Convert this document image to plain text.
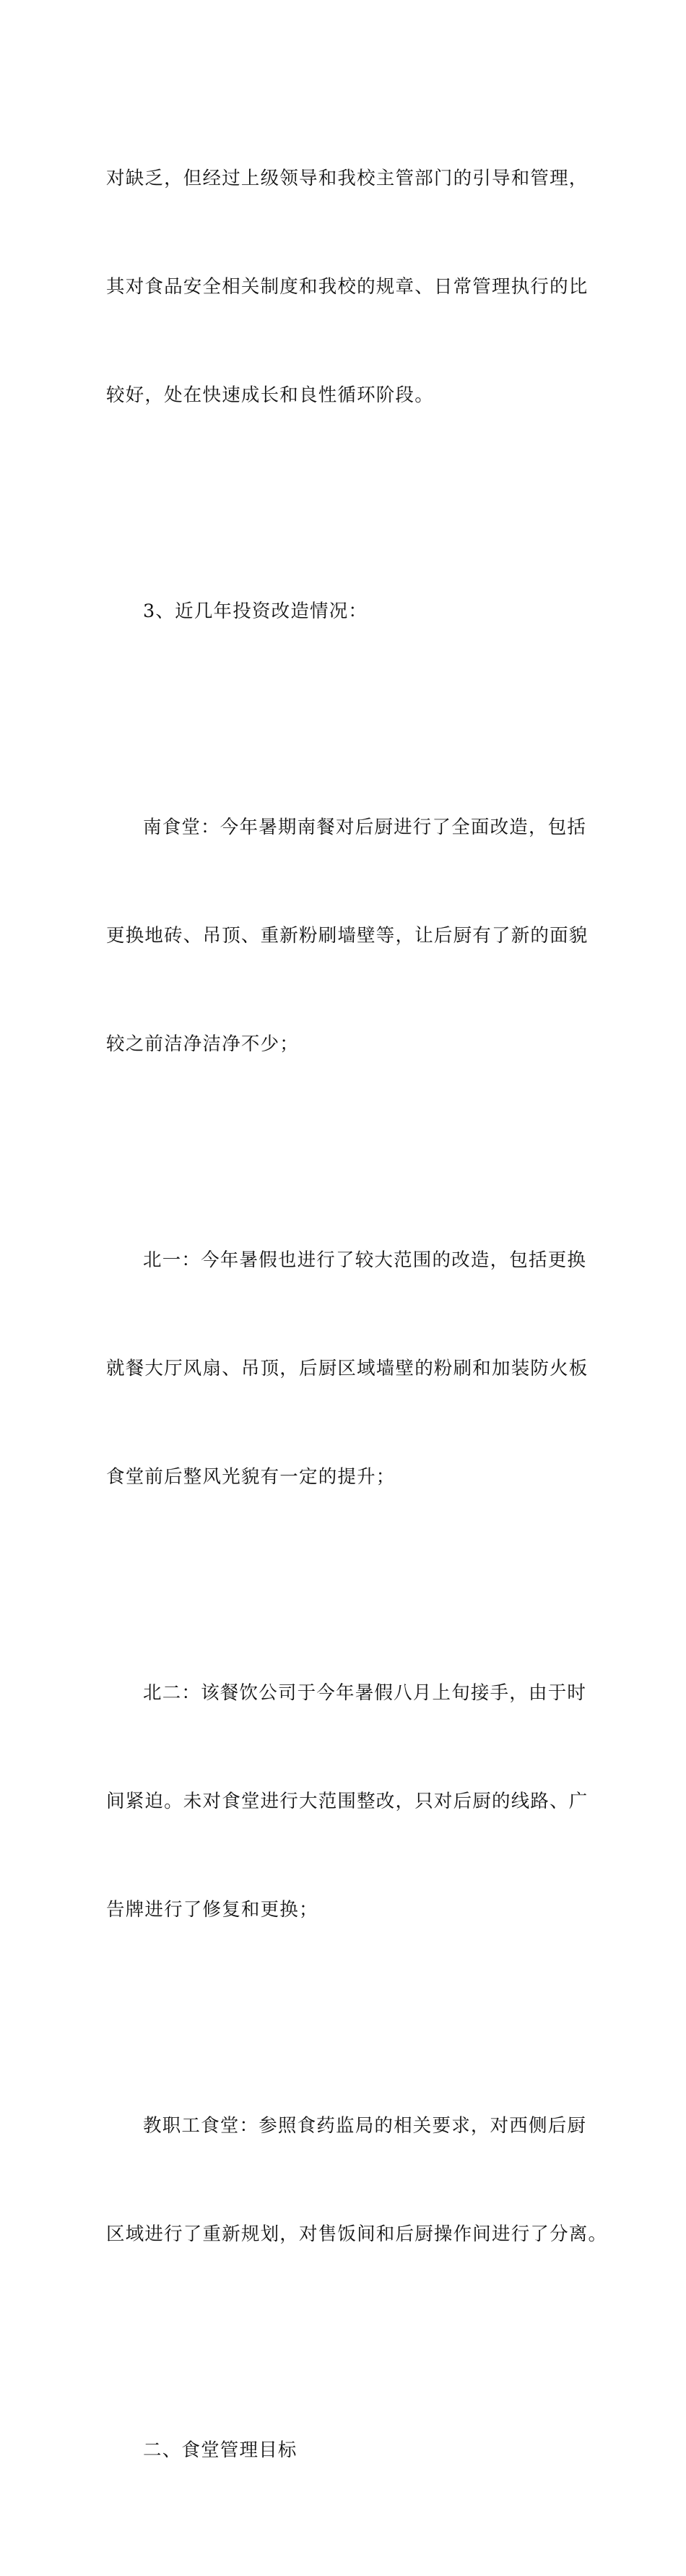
对缺乏，但经过上级领导和我校主管部门的引导和管理，

其对食品安全相关制度和我校的规章、日常管理执行的比

较好，处在快速成长和良性循环阶段。

3、近几年投资改造情况：

南食堂：今年暑期南餐对后厨进行了全面改造，包括

更换地砖、吊顶、重新粉刷墙壁等，让后厨有了新的面貌

较之前洁净洁净不少；

北一：今年暑假也进行了较大范围的改造，包括更换

就餐大厅风扇、吊顶，后厨区域墙壁的粉刷和加装防火板

食堂前后整风光貌有一定的提升；

北二：该餐饮公司于今年暑假八月上旬接手，由于时

间紧迫。未对食堂进行大范围整改，只对后厨的线路、广

告牌进行了修复和更换；

教职工食堂：参照食药监局的相关要求，对西侧后厨

区域进行了重新规划，对售饭间和后厨操作间进行了分离。

二、食堂管理目标
